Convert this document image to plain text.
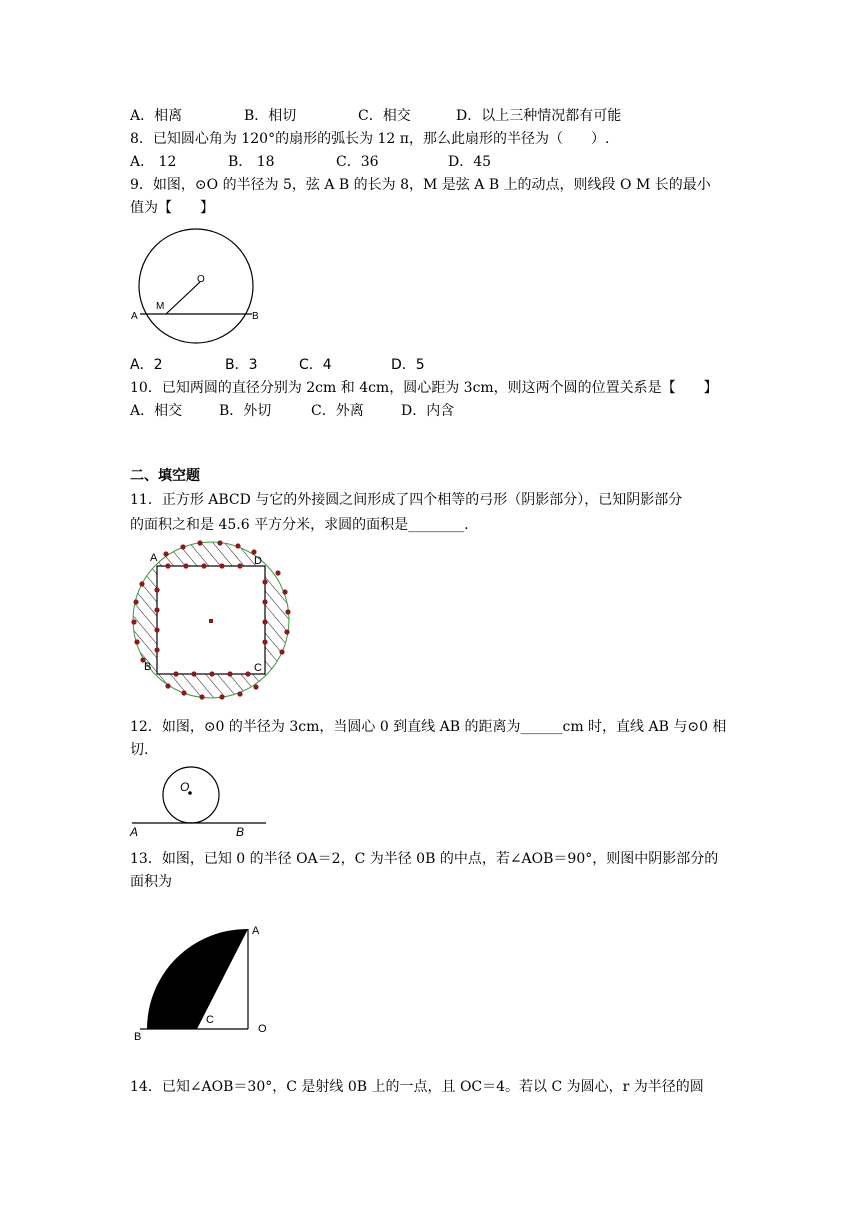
A．相离	B．相切	C．相交	D．以上三种情况都有可能
8．已知圆心角为 120°的扇形的弧长为 12 π，那么此扇形的半径为（　　）.
A． 12	B． 18	C．36	D．45
9．如图，⊙O 的半径为 5，弦 A B 的长为 8，M 是弦 A B 上的动点，则线段 O M 长的最小
值为【　　】
O
M
A	B
A．2	B．3	C．4	D．5
10．已知两圆的直径分别为 2cm 和 4cm，圆心距为 3cm，则这两个圆的位置关系是【　　】
A．相交	B．外切	C．外离	D．内含
二、填空题
11．正方形 ABCD 与它的外接圆之间形成了四个相等的弓形（阴影部分），已知阴影部分
的面积之和是 45.6 平方分米，求圆的面积是________.
A	D
B	C
12．如图，⊙0 的半径为 3cm，当圆心 0 到直线 AB 的距离为______cm 时，直线 AB 与⊙0 相
切.
O
A	B
13．如图，已知 0 的半径 OA＝2，C 为半径 0B 的中点，若∠AOB＝90°，则图中阴影部分的
面积为
A
B
C
O
14．已知∠AOB＝30°，C 是射线 0B 上的一点，且 OC＝4。若以 C 为圆心，r 为半径的圆
